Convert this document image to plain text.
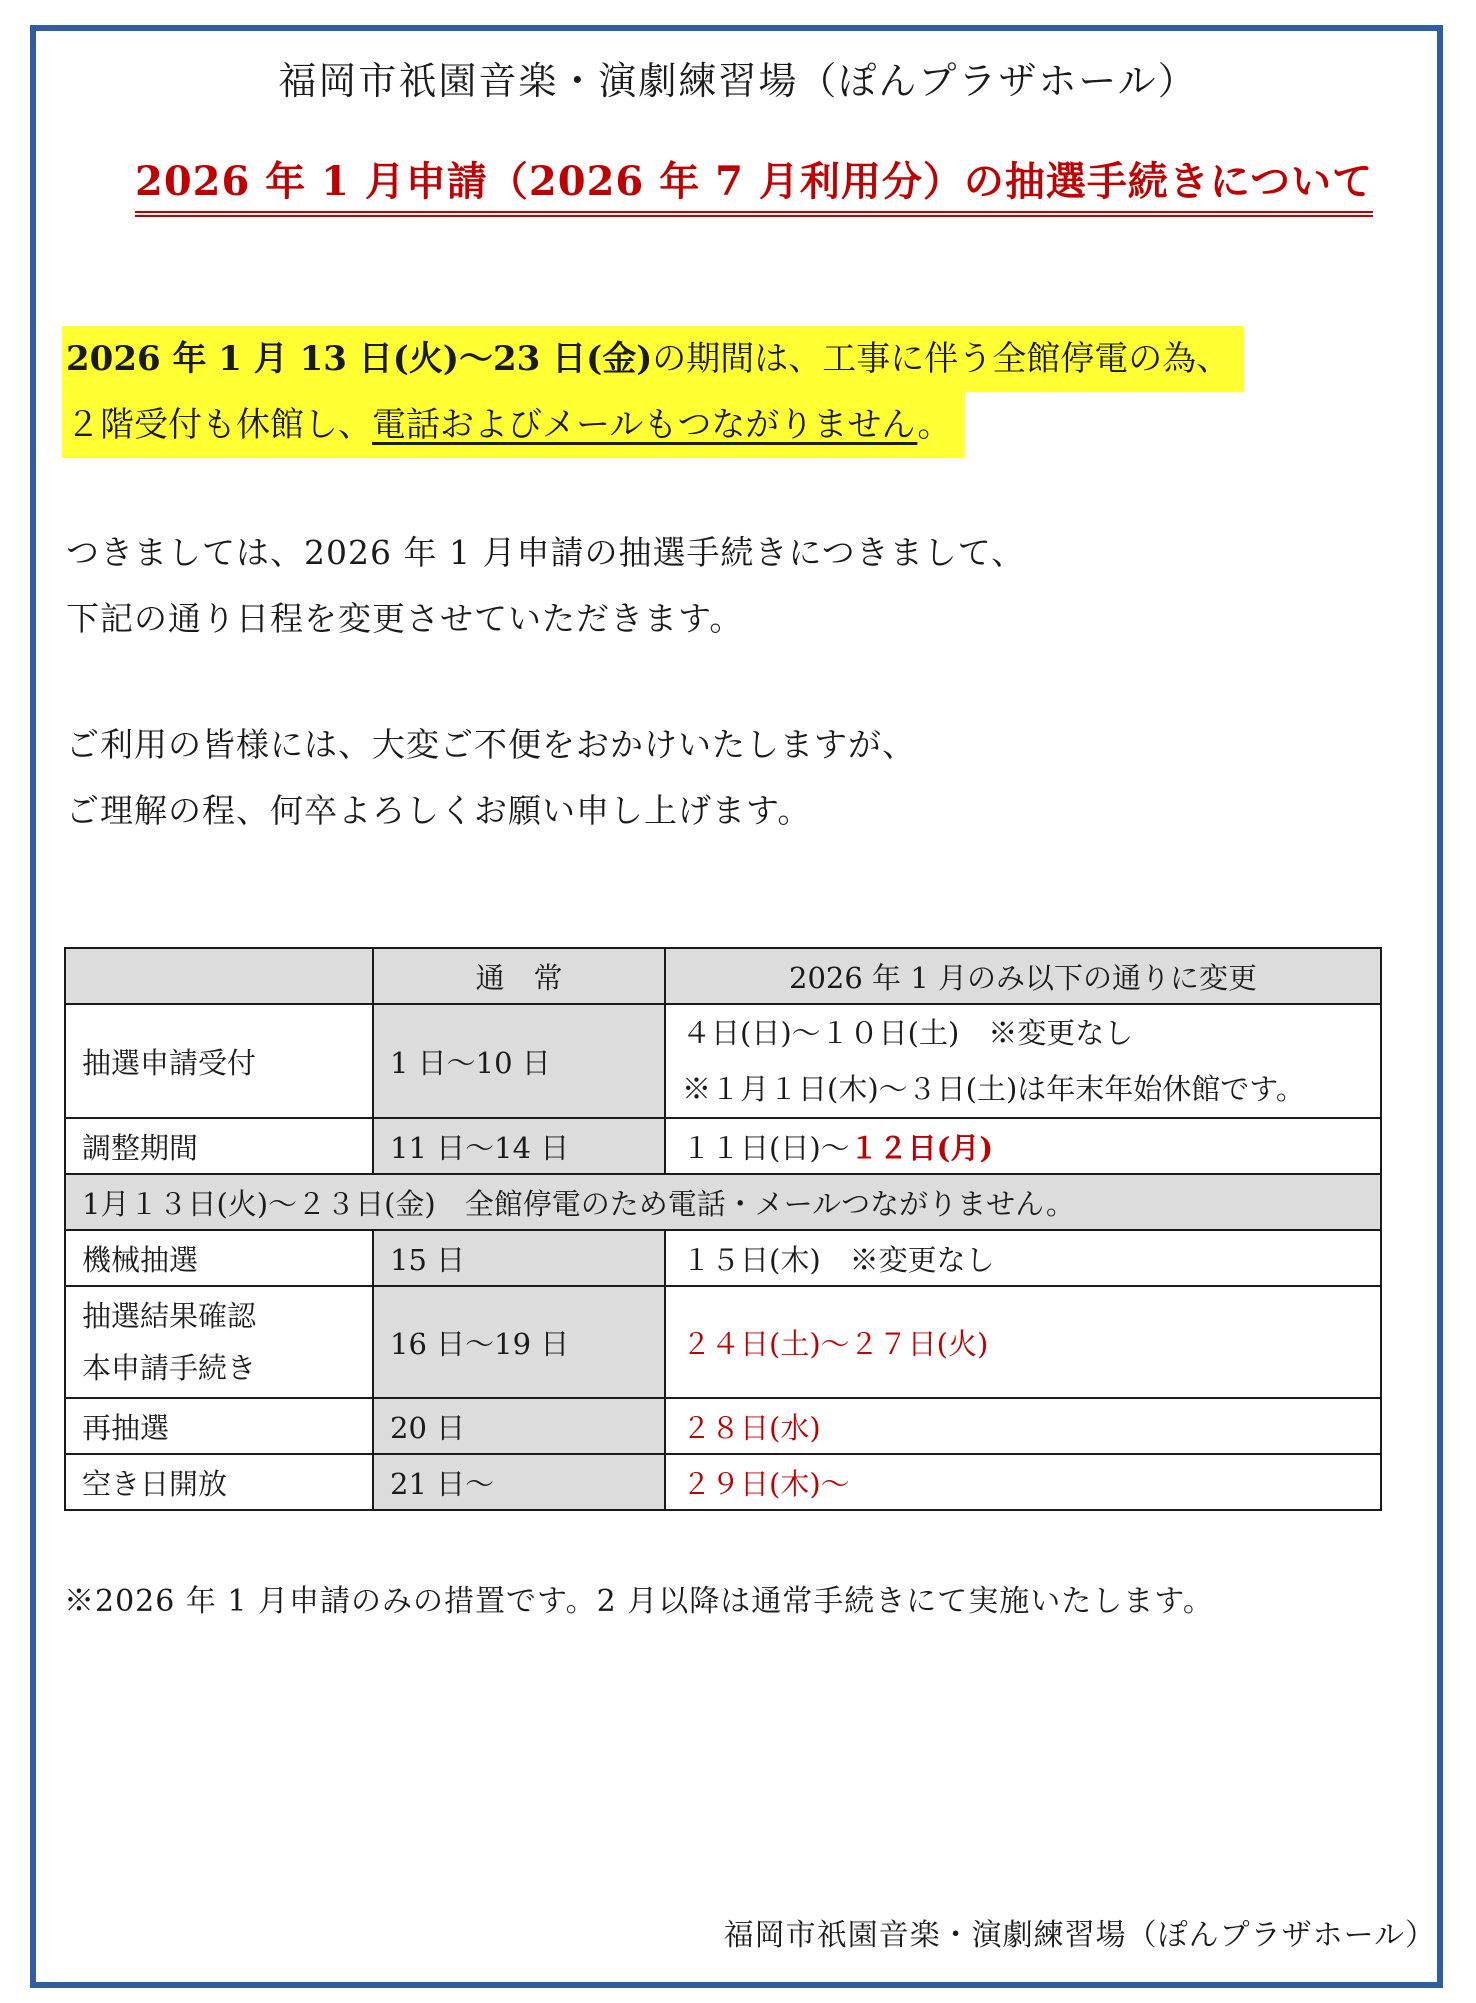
福岡市祇園音楽・演劇練習場（ぽんプラザホール）
2026 年 1 月申請（2026 年 7 月利用分）の抽選手続きについて
2026 年 1 月 13 日(火)～23 日(金)の期間は、工事に伴う全館停電の為、
２階受付も休館し、電話およびメールもつながりません。
つきましては、2026 年 1 月申請の抽選手続きにつきまして、
下記の通り日程を変更させていただきます。
ご利用の皆様には、大変ご不便をおかけいたしますが、
ご理解の程、何卒よろしくお願い申し上げます。
	通　常	2026 年 1 月のみ以下の通りに変更
抽選申請受付	1 日～10 日	４日(日)～１０日(土)　※変更なし
※１月１日(木)～３日(土)は年末年始休館です。

調整期間	11 日～14 日	１１日(日)～１２日(月)
1月１３日(火)～２３日(金)　全館停電のため電話・メールつながりません。		
機械抽選	15 日	１５日(木)　※変更なし

抽選結果確認
本申請手続き	16 日～19 日	２４日(土)～２７日(火)
再抽選	20 日	２８日(水)
空き日開放	21 日～	２９日(木)～
※2026 年 1 月申請のみの措置です。2 月以降は通常手続きにて実施いたします。
福岡市祇園音楽・演劇練習場（ぽんプラザホール）
